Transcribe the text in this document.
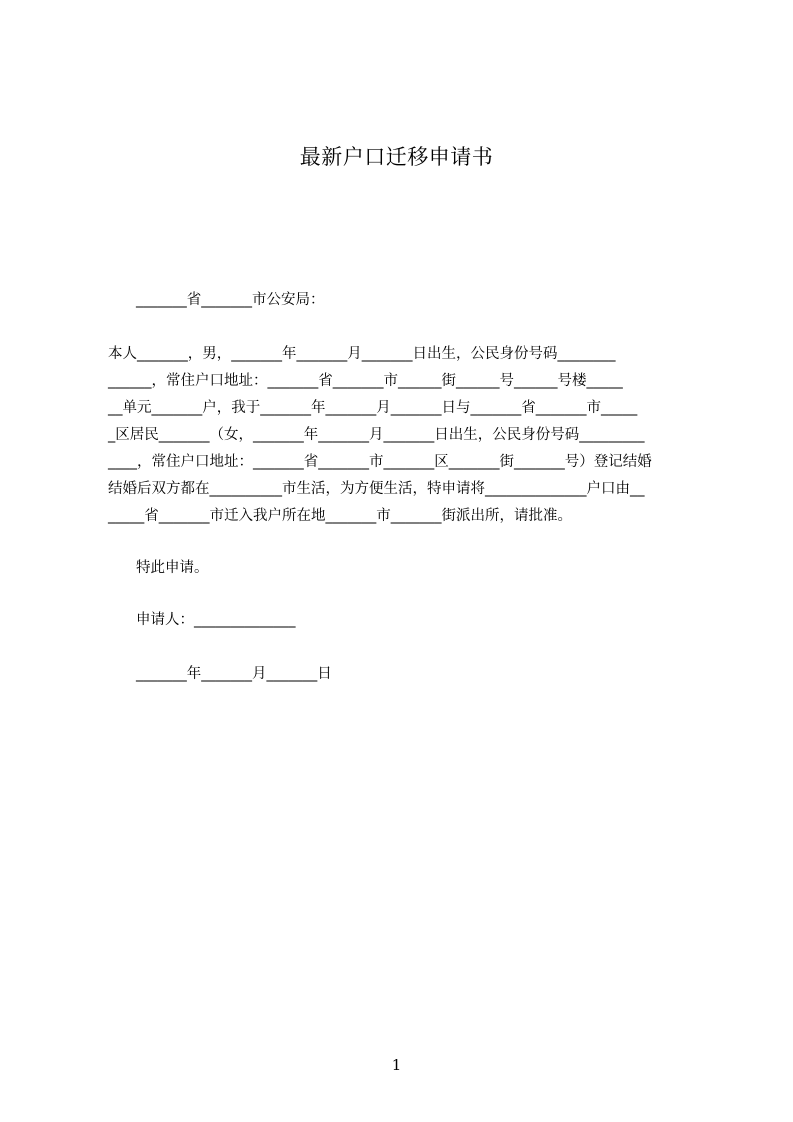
最新户口迁移申请书
_______省_______市公安局：
本人_______，男，_______年_______月_______日出生，公民身份号码________
______，常住户口地址：_______省_______市______街______号______号楼_____
__单元_______户，我于_______年_______月_______日与_______省_______市_____
_区居民_______（女，_______年_______月_______日出生，公民身份号码_________
____，常住户口地址：_______省_______市_______区_______街_______号）登记结婚
结婚后双方都在__________市生活，为方便生活，特申请将______________户口由__
_____省_______市迁入我户所在地_______市_______街派出所，请批准。
特此申请。
申请人：______________
_______年_______月_______日
1
